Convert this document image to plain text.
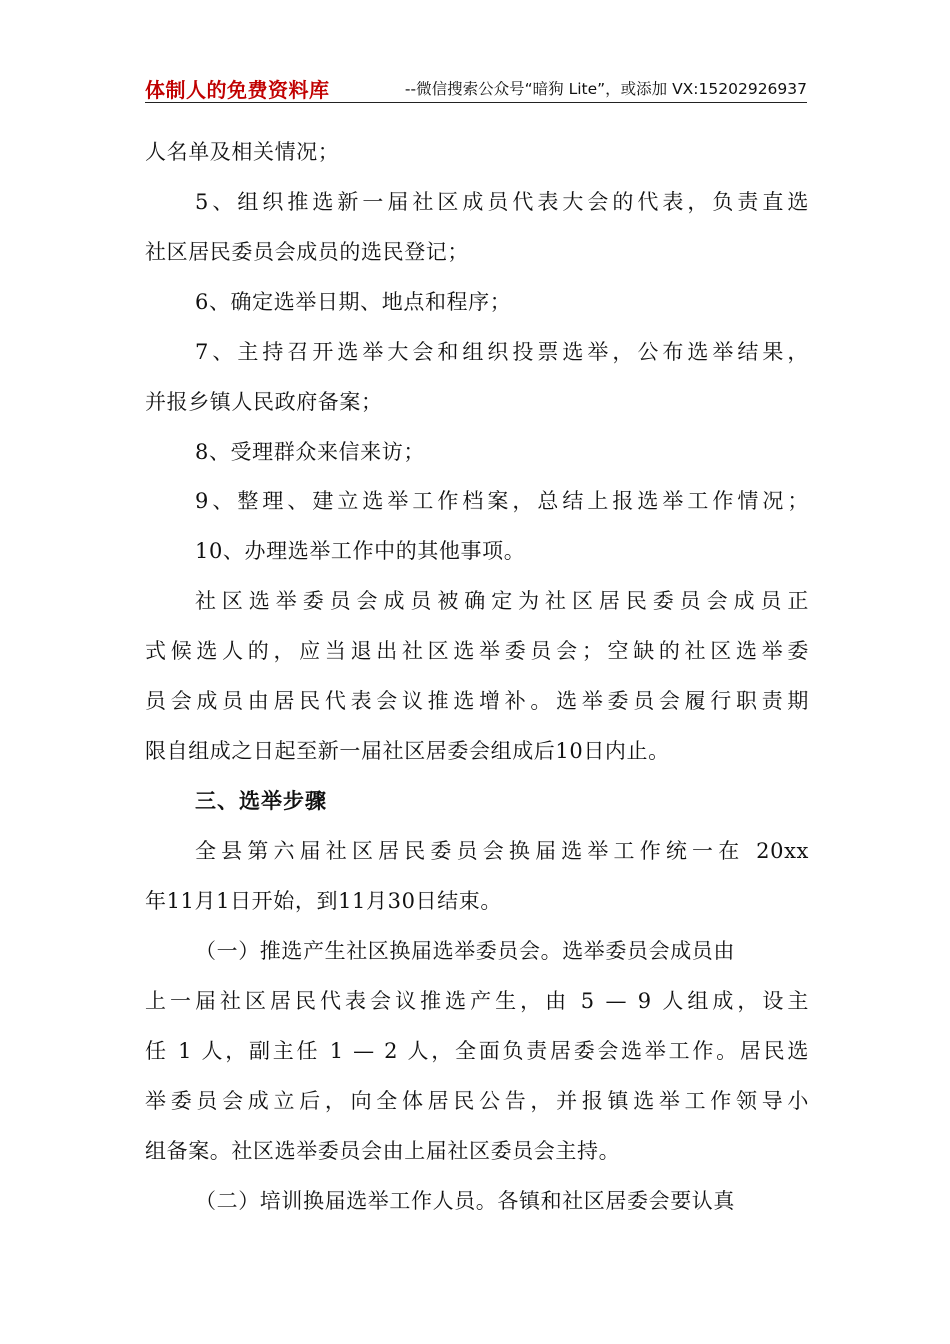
体制人的免费资料库	--微信搜索公众号“暗狗 Lite”，或添加 VX:15202926937
人名单及相关情况；
5、组织推选新一届社区成员代表大会的代表，负责直选
社区居民委员会成员的选民登记；
6、确定选举日期、地点和程序；
7、主持召开选举大会和组织投票选举，公布选举结果，
并报乡镇人民政府备案；
8、受理群众来信来访；
9、整理、建立选举工作档案，总结上报选举工作情况；
10、办理选举工作中的其他事项。
社区选举委员会成员被确定为社区居民委员会成员正
式候选人的，应当退出社区选举委员会；空缺的社区选举委
员会成员由居民代表会议推选增补。选举委员会履行职责期
限自组成之日起至新一届社区居委会组成后10日内止。
三、选举步骤
全县第六届社区居民委员会换届选举工作统一在 20xx
年11月1日开始，到11月30日结束。
（一）推选产生社区换届选举委员会。选举委员会成员由
上一届社区居民代表会议推选产生，由 5 — 9 人组成，设主
任 1 人，副主任 1 — 2 人，全面负责居委会选举工作。居民选
举委员会成立后，向全体居民公告，并报镇选举工作领导小
组备案。社区选举委员会由上届社区委员会主持。
（二）培训换届选举工作人员。各镇和社区居委会要认真
